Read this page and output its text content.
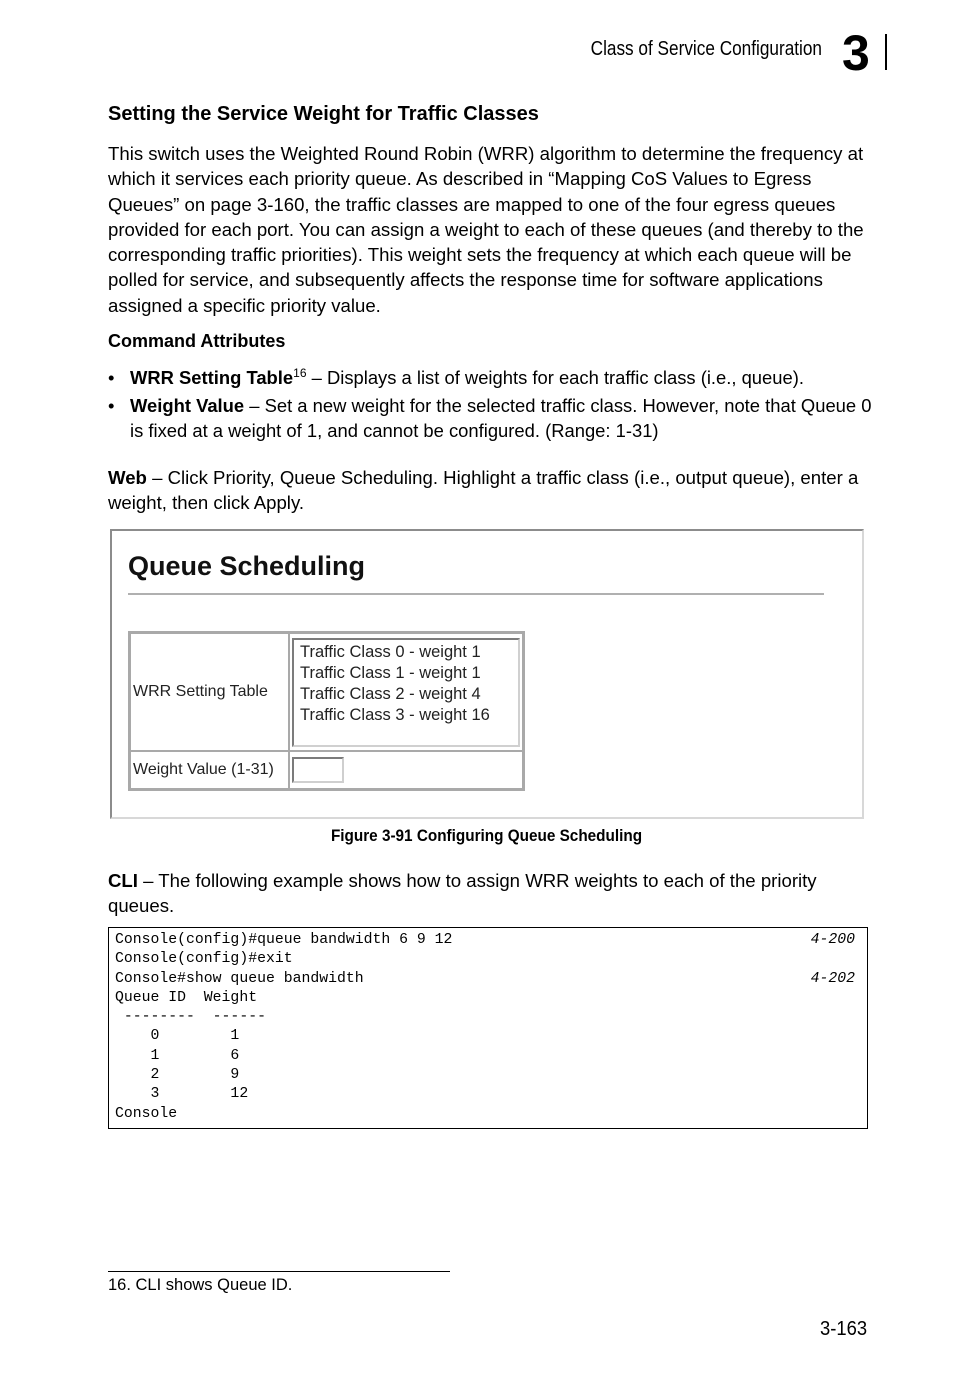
Class of Service Configuration 3
Setting the Service Weight for Traffic Classes

This switch uses the Weighted Round Robin (WRR) algorithm to determine the frequency at which it services each priority queue. As described in “Mapping CoS Values to Egress Queues” on page 3-160, the traffic classes are mapped to one of the four egress queues provided for each port. You can assign a weight to each of these queues (and thereby to the corresponding traffic priorities). This weight sets the frequency at which each queue will be polled for service, and subsequently affects the response time for software applications assigned a specific priority value.

Command Attributes
• WRR Setting Table$^{16}$ – Displays a list of weights for each traffic class (i.e., queue).
• Weight Value – Set a new weight for the selected traffic class. However, note that Queue 0 is fixed at a weight of 1, and cannot be configured. (Range: 1-31)

Web – Click Priority, Queue Scheduling. Highlight a traffic class (i.e., output queue), enter a weight, then click Apply.

Queue Scheduling
WRR Setting Table	Traffic Class 0 - weight 1
Traffic Class 1 - weight 1
Traffic Class 2 - weight 4
Traffic Class 3 - weight 16

Weight Value (1-31)	
Figure 3-91 Configuring Queue Scheduling

CLI – The following example shows how to assign WRR weights to each of the priority queues.

Console(config)#queue bandwidth 6 9 12	4-200
Console(config)#exit
Console#show queue bandwidth	4-202
Queue ID  Weight
--------  ------
0        1
1        6
2        9
3        12
Console
16. CLI shows Queue ID.
3-163
